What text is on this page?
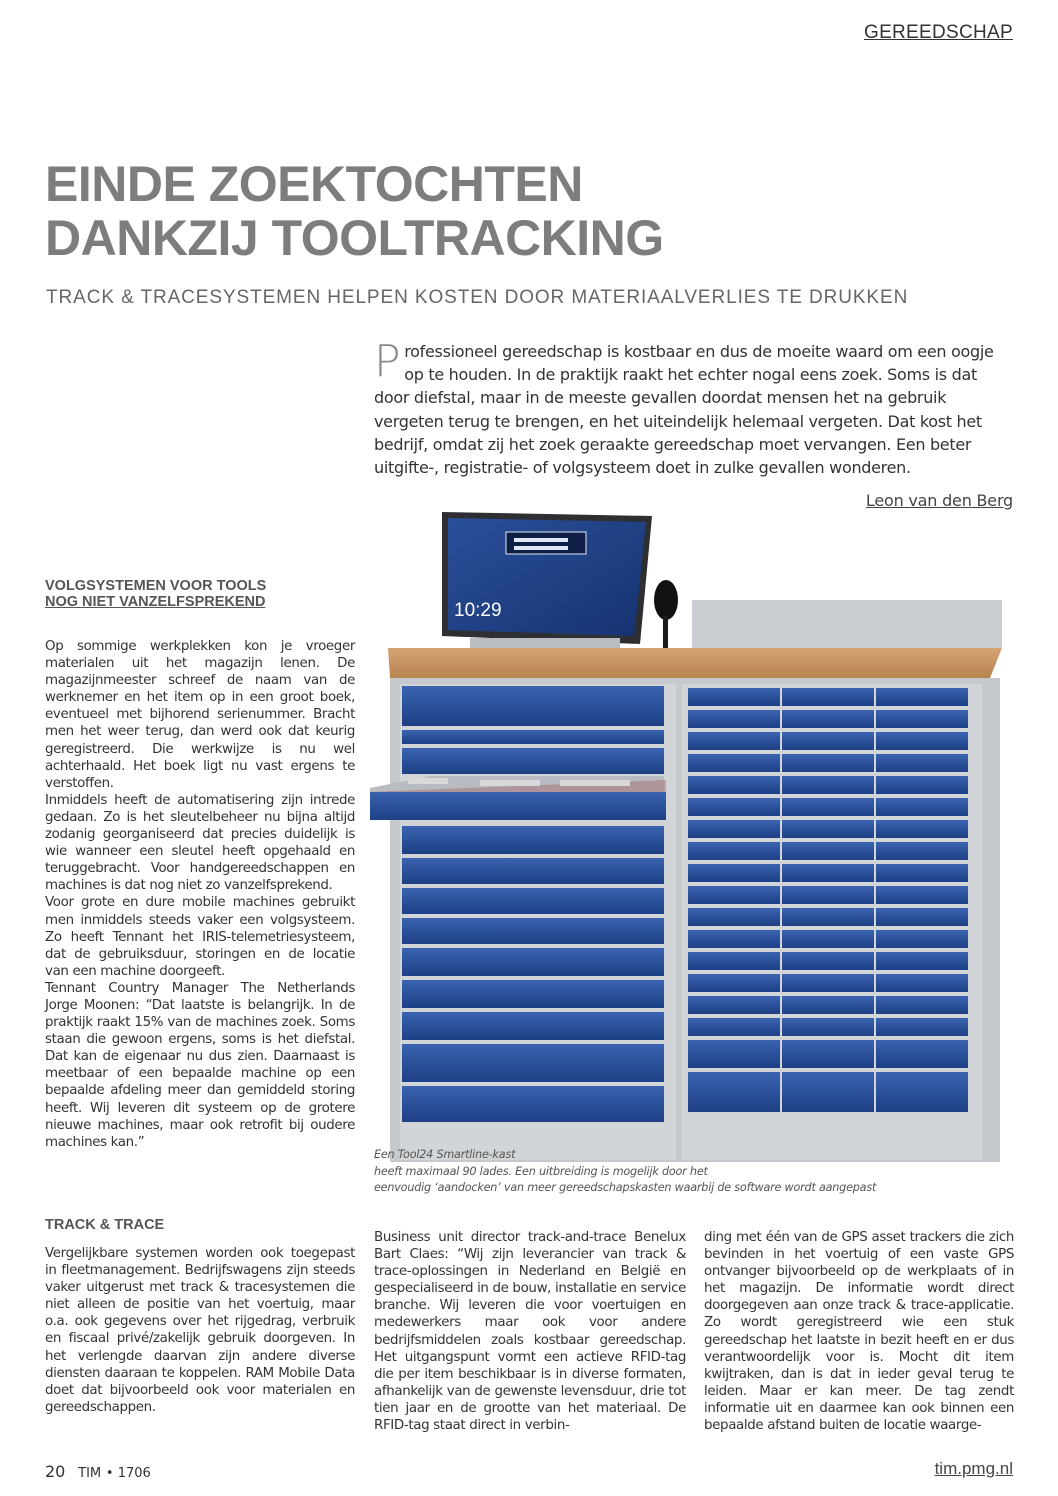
GEREEDSCHAP
EINDE ZOEKTOCHTEN
DANKZIJ TOOLTRACKING
TRACK & TRACESYSTEMEN HELPEN KOSTEN DOOR MATERIAALVERLIES TE DRUKKEN
Professioneel gereedschap is kostbaar en dus de moeite waard om een oogje op te houden. In de praktijk raakt het echter nogal eens zoek. Soms is dat door diefstal, maar in de meeste gevallen doordat mensen het na gebruik vergeten terug te brengen, en het uiteindelijk helemaal vergeten. Dat kost het bedrijf, omdat zij het zoek geraakte gereedschap moet vervangen. Een beter uitgifte-, registratie- of volgsysteem doet in zulke gevallen wonderen.
Leon van den Berg
10:29
Een Tool24 Smartline-kast
heeft maximaal 90 lades. Een uitbreiding is mogelijk door het
eenvoudig ‘aandocken’ van meer gereedschapskasten waarbij de software wordt aangepast
VOLGSYSTEMEN VOOR TOOLS
NOG NIET VANZELFSPREKEND

Op sommige werkplekken kon je vroeger materialen uit het magazijn lenen. De magazijnmeester schreef de naam van de werknemer en het item op in een groot boek, eventueel met bijhorend serienummer. Bracht men het weer terug, dan werd ook dat keurig geregistreerd. Die werkwijze is nu wel achterhaald. Het boek ligt nu vast ergens te verstoffen.

Inmiddels heeft de automatisering zijn intrede gedaan. Zo is het sleutelbeheer nu bijna altijd zodanig georganiseerd dat precies duidelijk is wie wanneer een sleutel heeft opgehaald en teruggebracht. Voor handgereedschappen en machines is dat nog niet zo vanzelfsprekend.

Voor grote en dure mobile machines gebruikt men inmiddels steeds vaker een volgsysteem. Zo heeft Tennant het IRIS-telemetriesysteem, dat de gebruiksduur, storingen en de locatie van een machine doorgeeft.

Tennant Country Manager The Netherlands Jorge Moonen: “Dat laatste is belangrijk. In de praktijk raakt 15% van de machines zoek. Soms staan die gewoon ergens, soms is het diefstal. Dat kan de eigenaar nu dus zien. Daarnaast is meetbaar of een bepaalde machine op een bepaalde afdeling meer dan gemiddeld storing heeft. Wij leveren dit systeem op de grotere nieuwe machines, maar ook retrofit bij oudere machines kan.”

TRACK & TRACE

Vergelijkbare systemen worden ook toegepast in fleetmanagement. Bedrijfswagens zijn steeds vaker uitgerust met track & tracesystemen die niet alleen de positie van het voertuig, maar o.a. ook gegevens over het rijgedrag, verbruik en fiscaal privé/zakelijk gebruik doorgeven. In het verlengde daarvan zijn andere diverse diensten daaraan te koppelen. RAM Mobile Data doet dat bijvoorbeeld ook voor materialen en gereedschappen.

Business unit director track-and-trace Benelux Bart Claes: “Wij zijn leverancier van track & trace-oplossingen in Nederland en België en gespecialiseerd in de bouw, installatie en service branche. Wij leveren die voor voertuigen en medewerkers maar ook voor andere bedrijfsmiddelen zoals kostbaar gereedschap. Het uitgangspunt vormt een actieve RFID-tag die per item beschikbaar is in diverse formaten, afhankelijk van de gewenste levensduur, drie tot tien jaar en de grootte van het materiaal. De RFID-tag staat direct in verbin-

ding met één van de GPS asset trackers die zich bevinden in het voertuig of een vaste GPS ontvanger bijvoorbeeld op de werkplaats of in het magazijn. De informatie wordt direct doorgegeven aan onze track & trace-applicatie. Zo wordt geregistreerd wie een stuk gereedschap het laatste in bezit heeft en er dus verantwoordelijk voor is. Mocht dit item kwijtraken, dan is dat in ieder geval terug te leiden. Maar er kan meer. De tag zendt informatie uit en daarmee kan ook binnen een bepaalde afstand buiten de locatie waarge-

20 TIM • 1706	tim.pmg.nl
